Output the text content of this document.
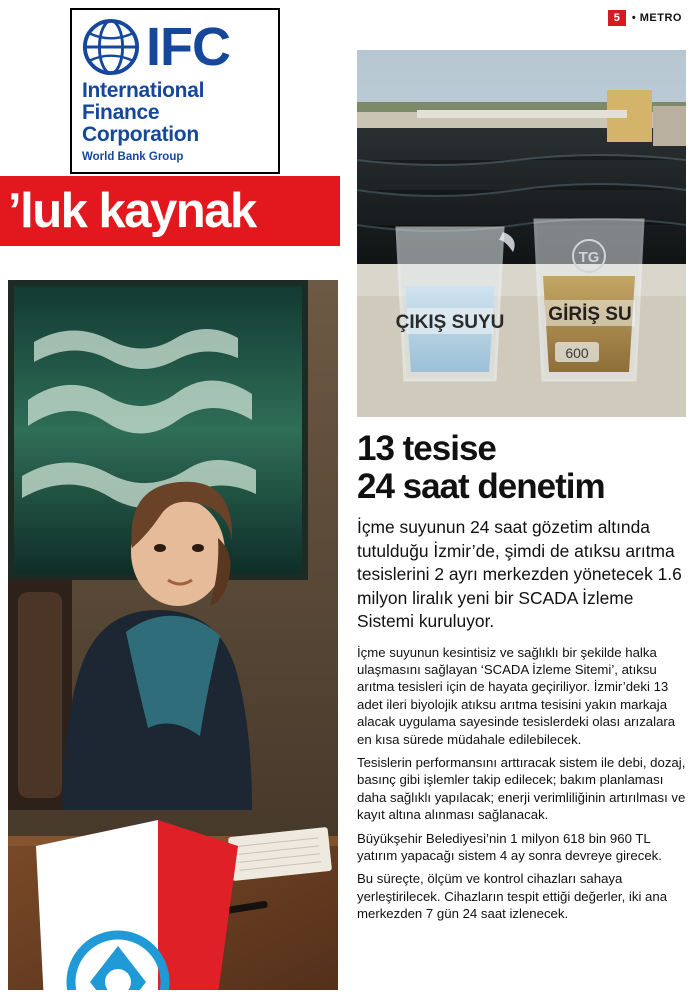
5	• METRO
IFC
International
Finance
Corporation
World Bank Group
’luk kaynak
ÇIKIŞ SUYU
TG
GİRİŞ SU
600
13 tesise
24 saat denetim

İçme suyunun 24 saat gözetim altında tutulduğu İzmir’de, şimdi de atıksu arıtma tesislerini 2 ayrı merkezden yönetecek 1.6 milyon liralık yeni bir SCADA İzleme Sistemi kuruluyor.

İçme suyunun kesintisiz ve sağlıklı bir şekilde halka ulaşmasını sağlayan ‘SCADA İzleme Sitemi’, atıksu arıtma tesisleri için de hayata geçiriliyor. İzmir’deki 13 adet ileri biyolojik atıksu arıtma tesisini yakın markaja alacak uygulama sayesinde tesislerdeki olası arızalara en kısa sürede müdahale edilebilecek.

Tesislerin performansını arttıracak sistem ile debi, dozaj, basınç gibi işlemler takip edilecek; bakım planlaması daha sağlıklı yapılacak; enerji verimliliğinin artırılması ve kayıt altına alınması sağlanacak.

Büyükşehir Belediyesi’nin 1 milyon 618 bin 960 TL yatırım yapacağı sistem 4 ay sonra devreye girecek.

Bu süreçte, ölçüm ve kontrol cihazları sahaya yerleştirilecek. Cihazların tespit ettiği değerler, iki ana merkezden 7 gün 24 saat izlenecek.
